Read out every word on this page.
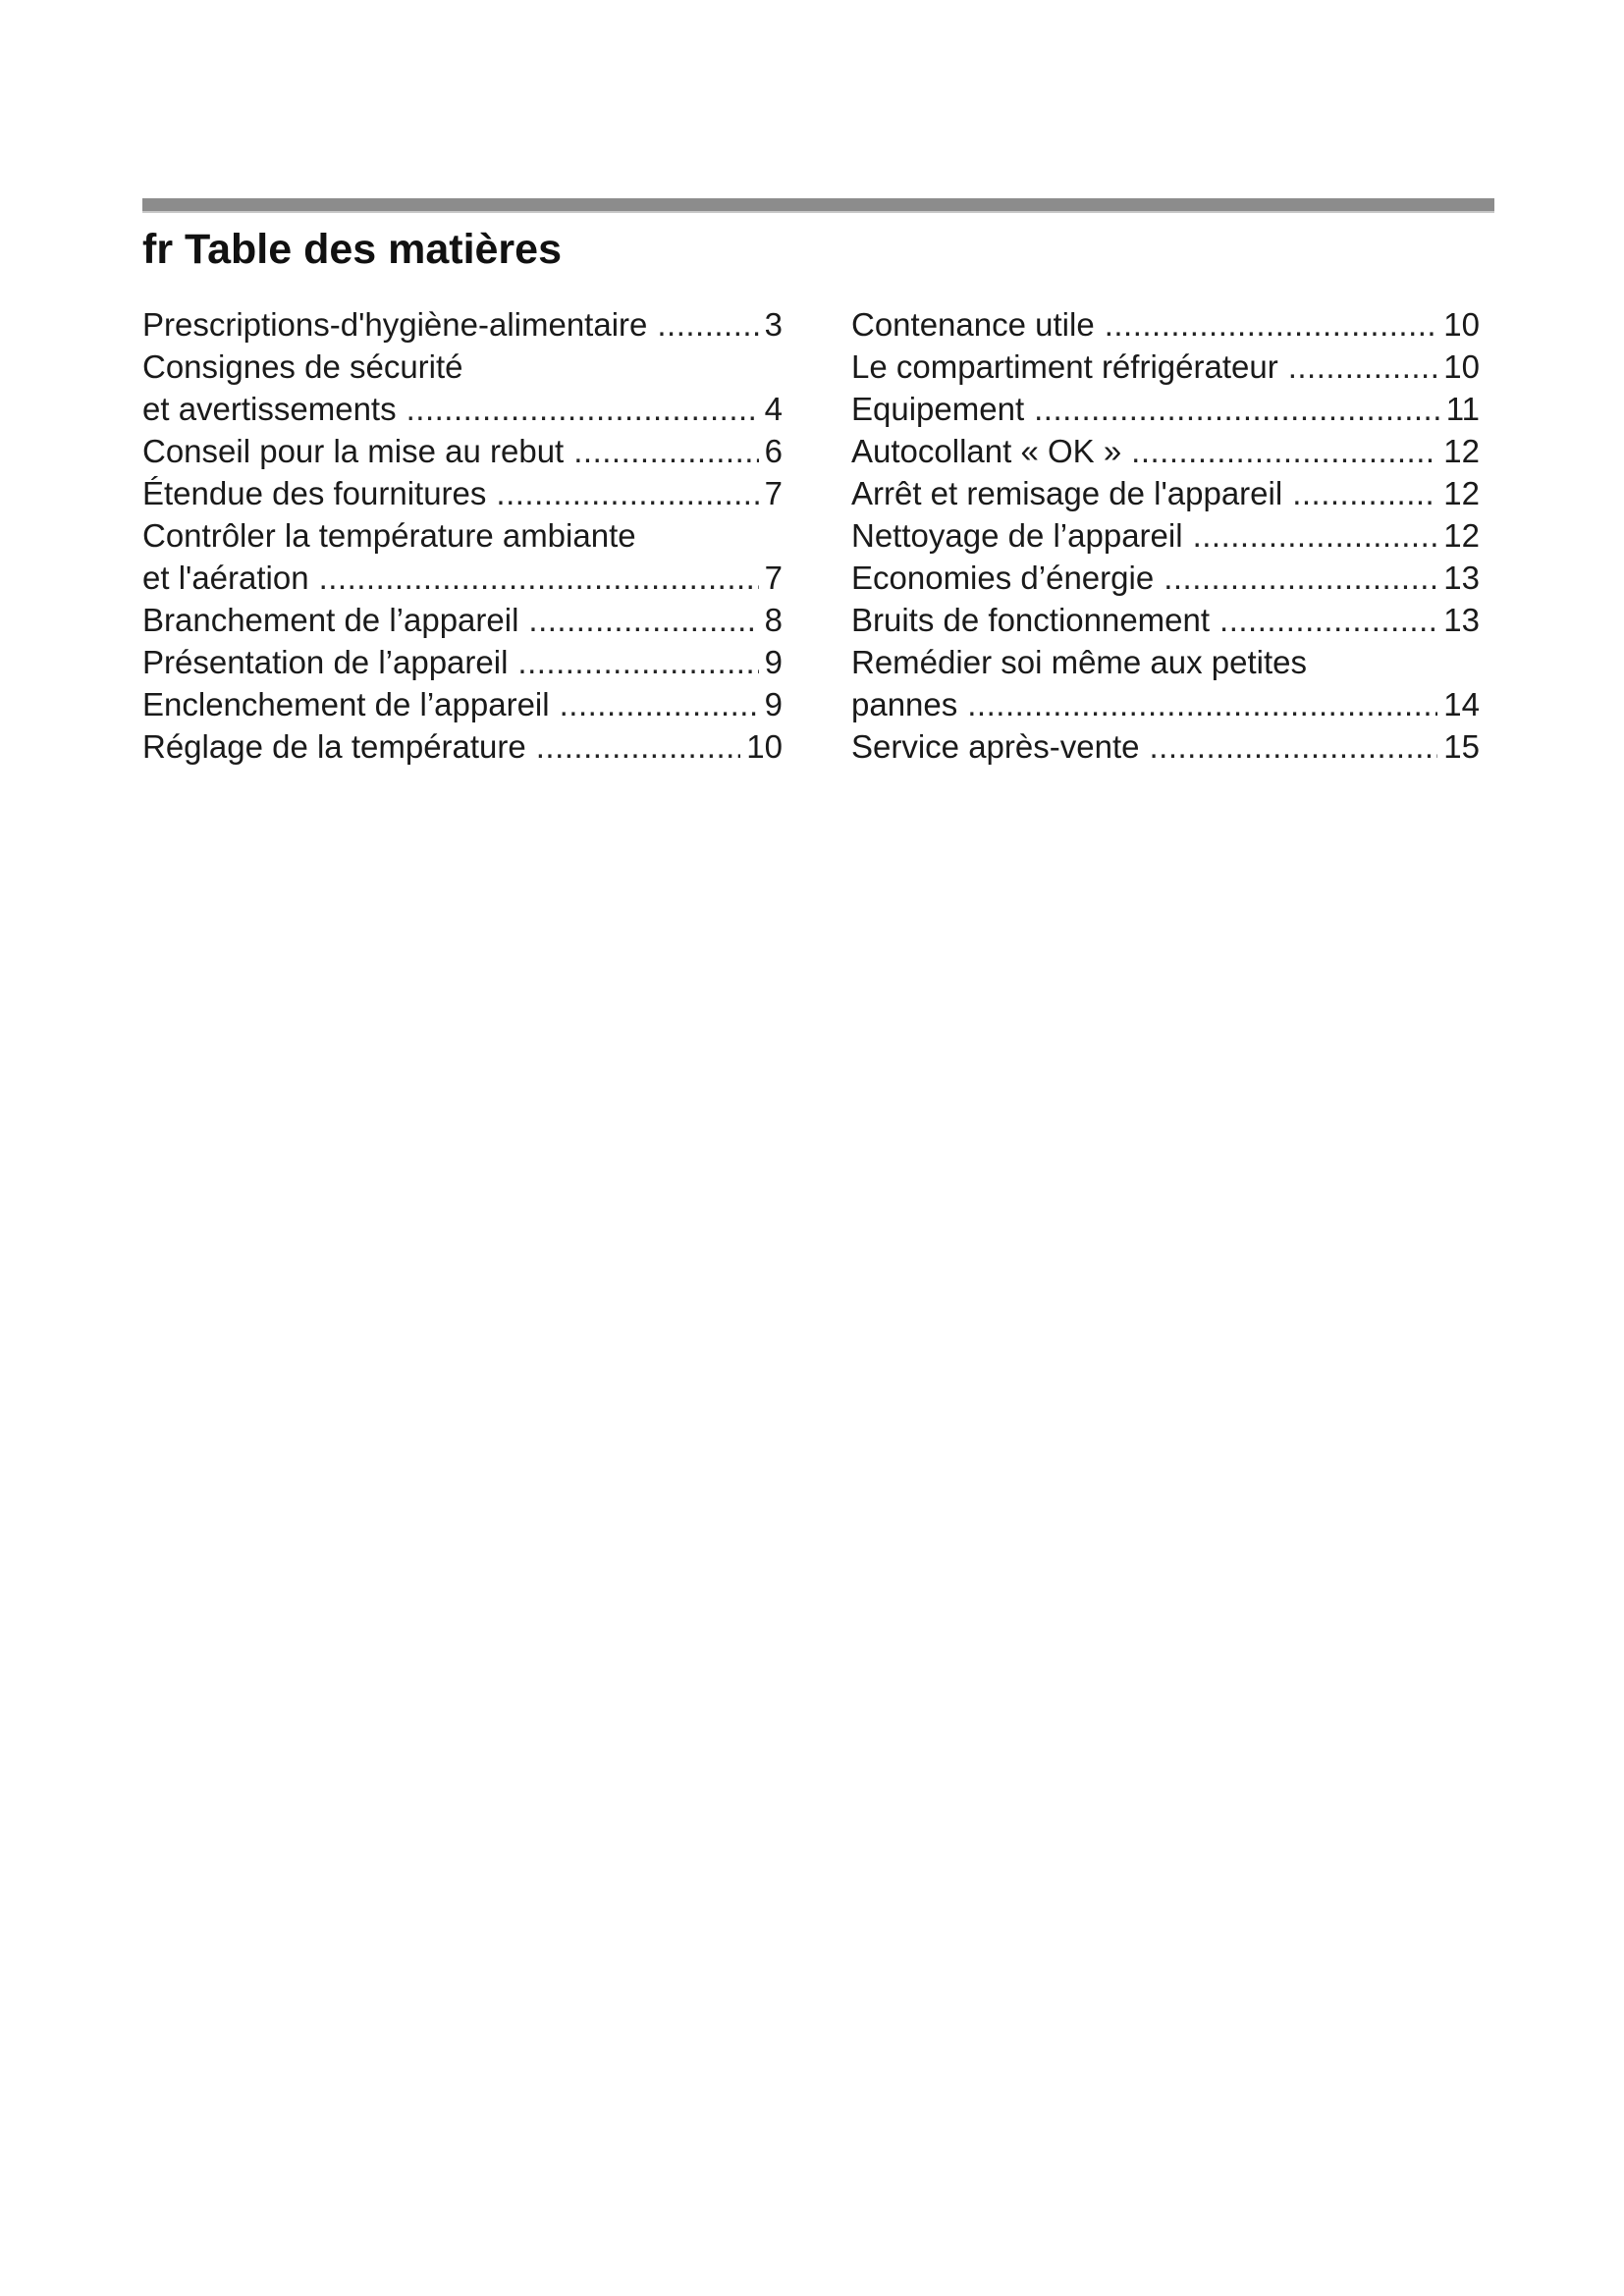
fr Table des matières
Prescriptions-d'hygiène-alimentaire .....	3
Consignes de sécurité
et avertissements .....	4
Conseil pour la mise au rebut .....	6
Étendue des fournitures .....	7
Contrôler la température ambiante
et l'aération .....	7
Branchement de l’appareil .....	8
Présentation de l’appareil .....	9
Enclenchement de l’appareil .....	9
Réglage de la température .....	10
Contenance utile .....	10
Le compartiment réfrigérateur .....	10
Equipement .....	11
Autocollant « OK » .....	12
Arrêt et remisage de l'appareil .....	12
Nettoyage de l’appareil .....	12
Economies d’énergie .....	13
Bruits de fonctionnement .....	13
Remédier soi même aux petites
pannes .....	14
Service après-vente .....	15
